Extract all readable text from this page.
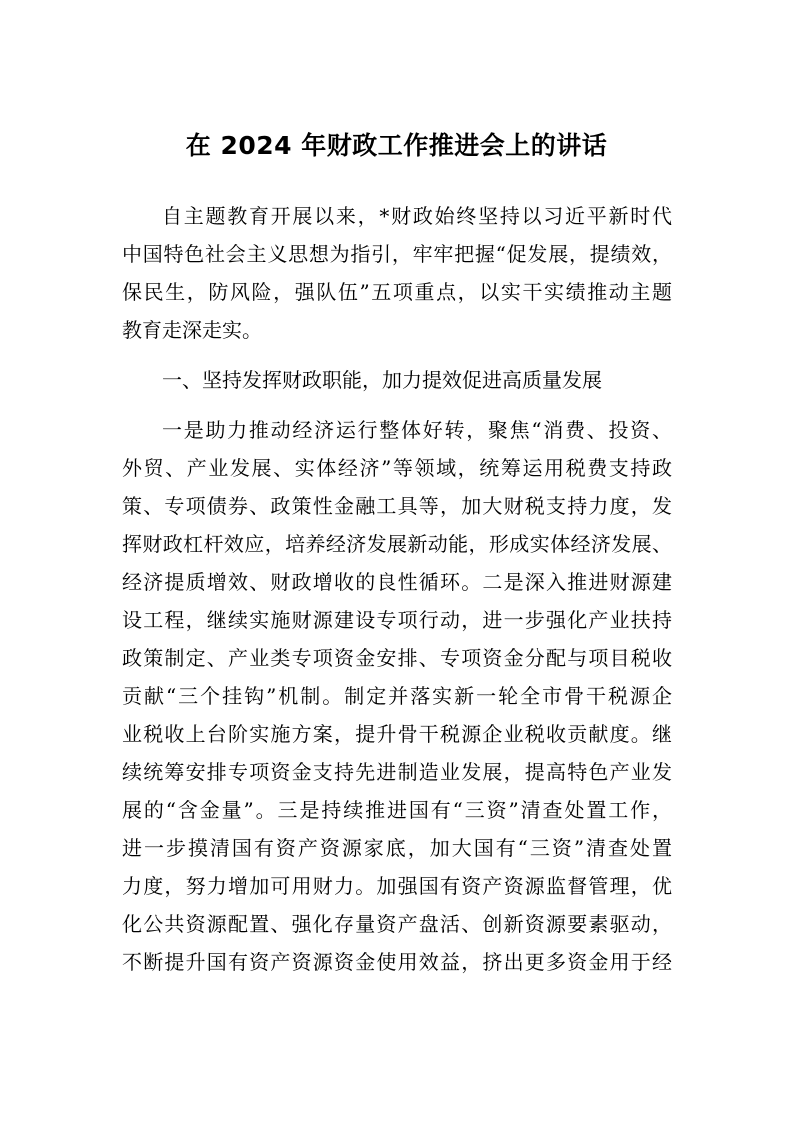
在 2024 年财政工作推进会上的讲话

自主题教育开展以来，*财政始终坚持以习近平新时代

中国特色社会主义思想为指引，牢牢把握“促发展，提绩效，

保民生，防风险，强队伍”五项重点，以实干实绩推动主题

教育走深走实。

一、坚持发挥财政职能，加力提效促进高质量发展

一是助力推动经济运行整体好转，聚焦“消费、投资、

外贸、产业发展、实体经济”等领域，统筹运用税费支持政

策、专项债券、政策性金融工具等，加大财税支持力度，发

挥财政杠杆效应，培养经济发展新动能，形成实体经济发展、

经济提质增效、财政增收的良性循环。二是深入推进财源建

设工程，继续实施财源建设专项行动，进一步强化产业扶持

政策制定、产业类专项资金安排、专项资金分配与项目税收

贡献“三个挂钩”机制。制定并落实新一轮全市骨干税源企

业税收上台阶实施方案，提升骨干税源企业税收贡献度。继

续统筹安排专项资金支持先进制造业发展，提高特色产业发

展的“含金量”。三是持续推进国有“三资”清查处置工作，

进一步摸清国有资产资源家底，加大国有“三资”清查处置

力度，努力增加可用财力。加强国有资产资源监督管理，优

化公共资源配置、强化存量资产盘活、创新资源要素驱动，

不断提升国有资产资源资金使用效益，挤出更多资金用于经
